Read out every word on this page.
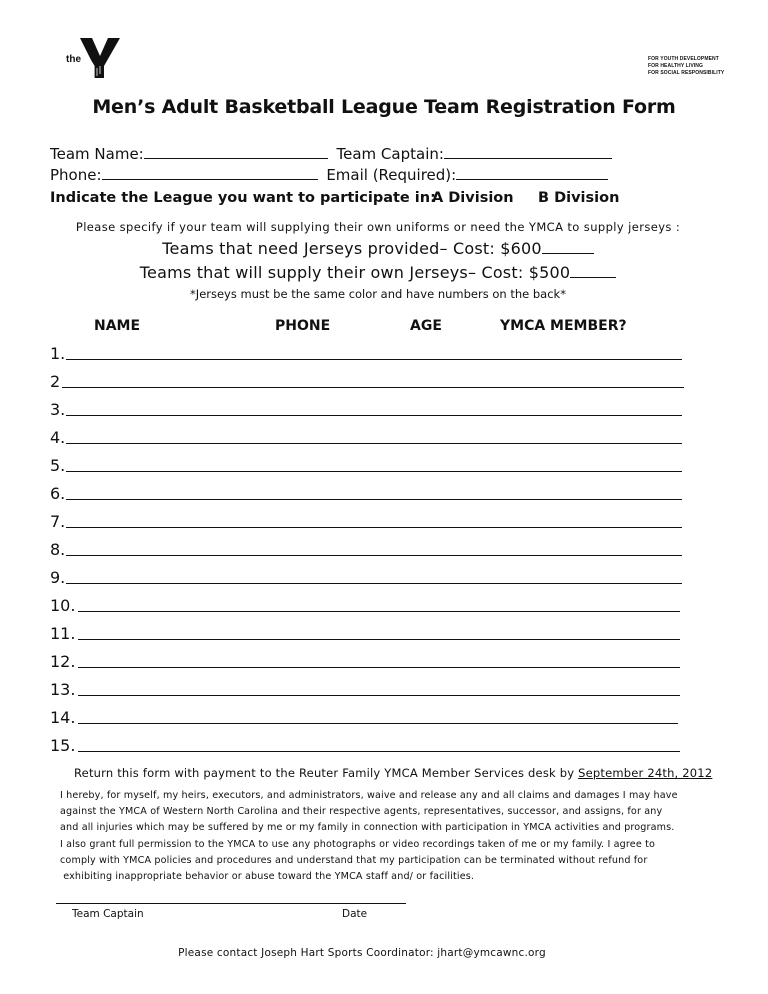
the	FOR YOUTH DEVELOPMENT
FOR HEALTHY LIVING
FOR SOCIAL RESPONSIBILITY
Men’s Adult Basketball League Team Registration Form
Team Name:	Team Captain:
Phone:	Email (Required):
Indicate the League you want to participate in:
A Division B Division
Please specify if your team will supplying their own uniforms or need the YMCA to supply jerseys :
Teams that need Jerseys provided– Cost: $600
Teams that will supply their own Jerseys– Cost: $500
*Jerseys must be the same color and have numbers on the back*
NAME	PHONE	AGE	YMCA MEMBER?
1.
2
3.
4.
5.
6.
7.
8.
9.
10.
11.
12.
13.
14.
15.
Return this form with payment to the Reuter Family YMCA Member Services desk by September 24th, 2012
I hereby, for myself, my heirs, executors, and administrators, waive and release any and all claims and damages I may have
against the YMCA of Western North Carolina and their respective agents, representatives, successor, and assigns, for any
and all injuries which may be suffered by me or my family in connection with participation in YMCA activities and programs.
I also grant full permission to the YMCA to use any photographs or video recordings taken of me or my family. I agree to
comply with YMCA policies and procedures and understand that my participation can be terminated without refund for
exhibiting inappropriate behavior or abuse toward the YMCA staff and/ or facilities.
Team Captain	Date
Please contact Joseph Hart Sports Coordinator: jhart@ymcawnc.org
